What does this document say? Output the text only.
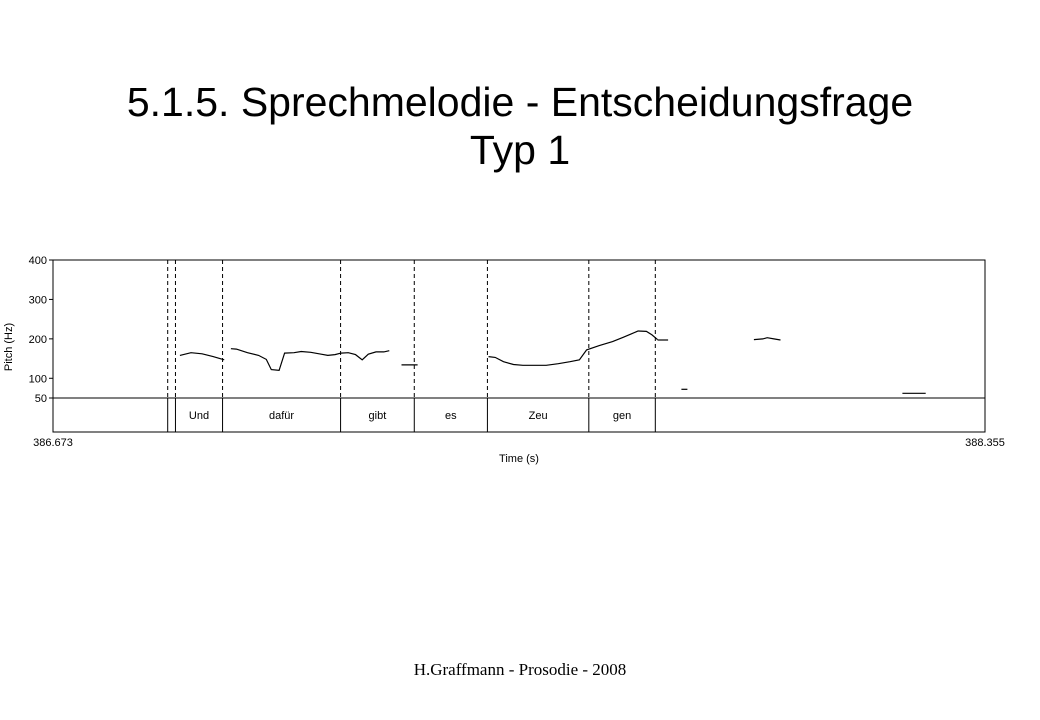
5.1.5. Sprechmelodie - Entscheidungsfrage
Typ 1
50
100
200
300
400
Und	dafür	gibt	es	Zeu	gen
Pitch (Hz)
386.673	388.355
Time (s)
H.Graffmann - Prosodie - 2008
